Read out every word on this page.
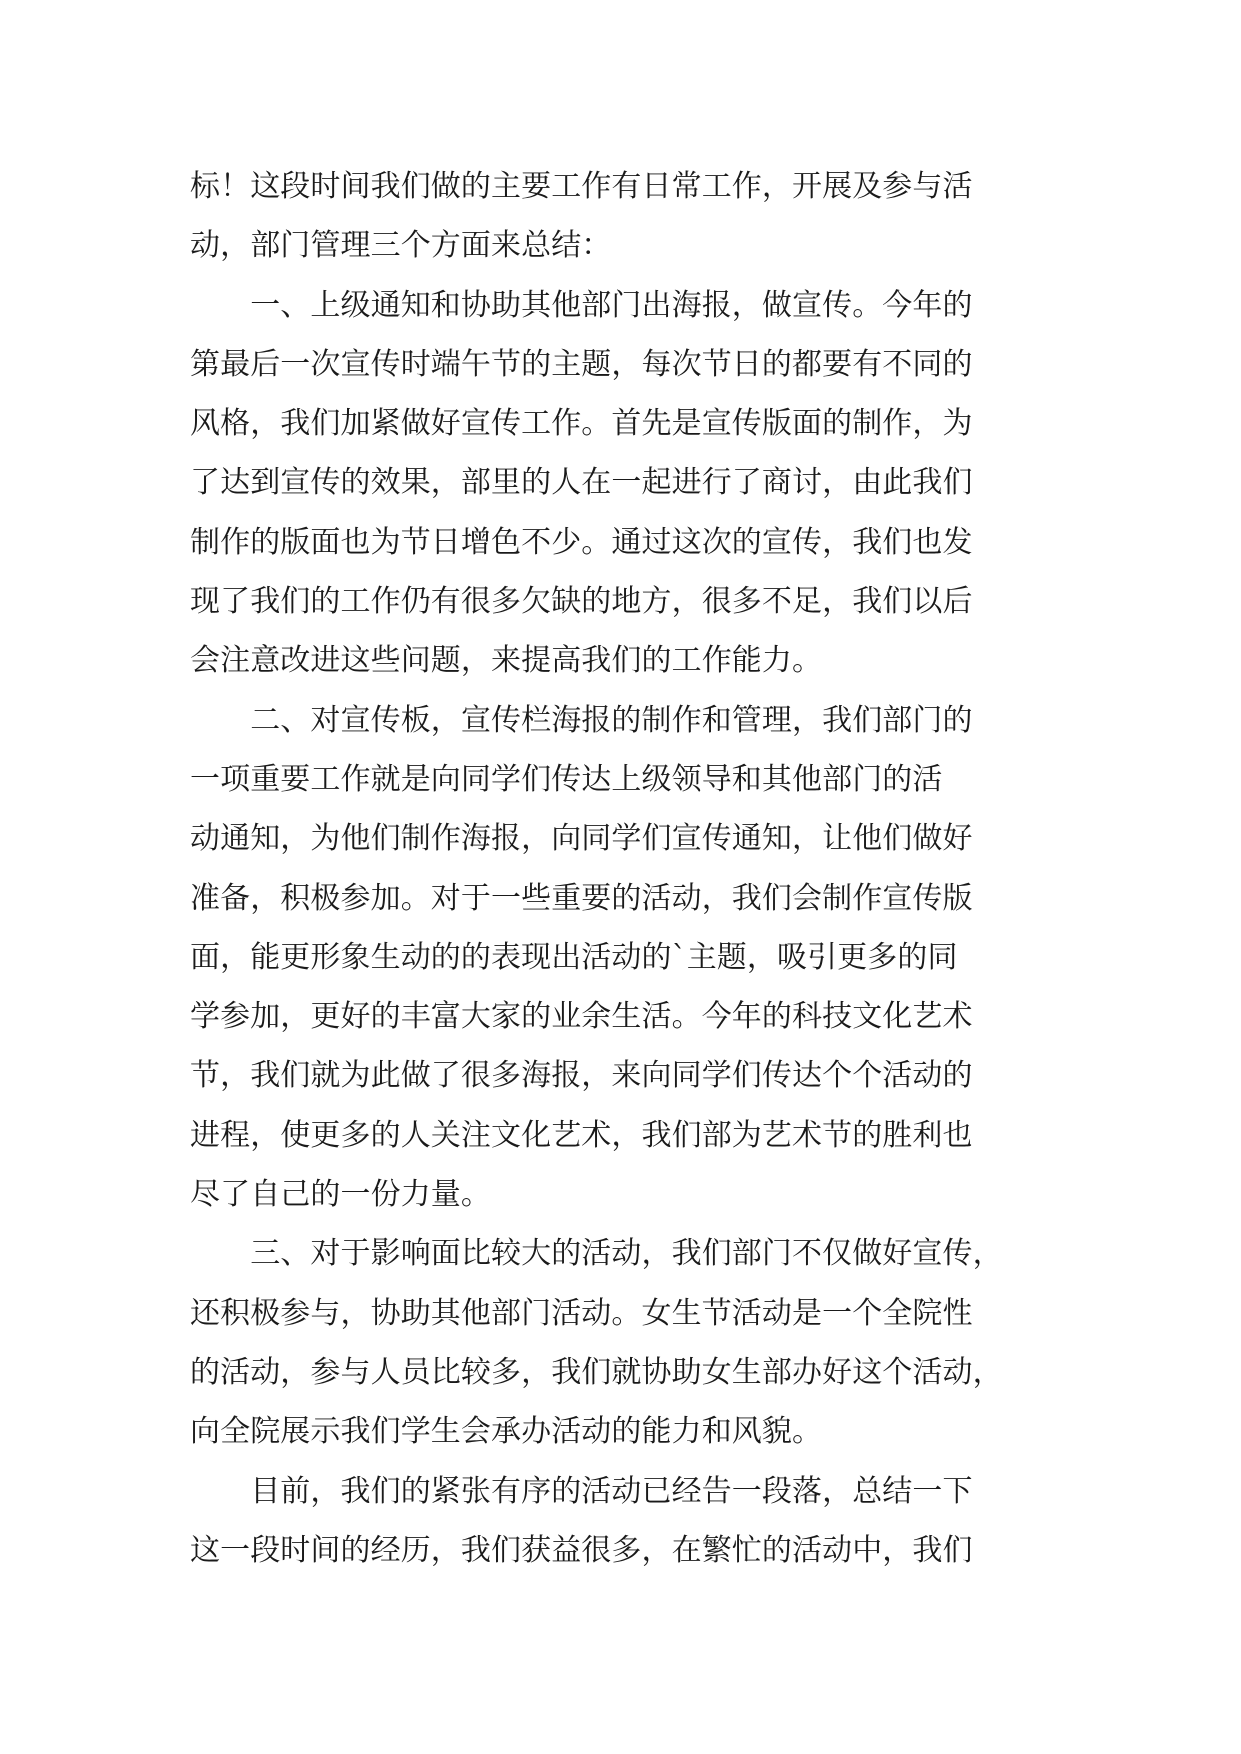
标！这段时间我们做的主要工作有日常工作，开展及参与活
动，部门管理三个方面来总结：
　　一、上级通知和协助其他部门出海报，做宣传。今年的
第最后一次宣传时端午节的主题，每次节日的都要有不同的
风格，我们加紧做好宣传工作。首先是宣传版面的制作，为
了达到宣传的效果，部里的人在一起进行了商讨，由此我们
制作的版面也为节日增色不少。通过这次的宣传，我们也发
现了我们的工作仍有很多欠缺的地方，很多不足，我们以后
会注意改进这些问题，来提高我们的工作能力。
　　二、对宣传板，宣传栏海报的制作和管理，我们部门的
一项重要工作就是向同学们传达上级领导和其他部门的活
动通知，为他们制作海报，向同学们宣传通知，让他们做好
准备，积极参加。对于一些重要的活动，我们会制作宣传版
面，能更形象生动的的表现出活动的`主题，吸引更多的同
学参加，更好的丰富大家的业余生活。今年的科技文化艺术
节，我们就为此做了很多海报，来向同学们传达个个活动的
进程，使更多的人关注文化艺术，我们部为艺术节的胜利也
尽了自己的一份力量。
　　三、对于影响面比较大的活动，我们部门不仅做好宣传，
还积极参与，协助其他部门活动。女生节活动是一个全院性
的活动，参与人员比较多，我们就协助女生部办好这个活动，
向全院展示我们学生会承办活动的能力和风貌。
　　目前，我们的紧张有序的活动已经告一段落，总结一下
这一段时间的经历，我们获益很多，在繁忙的活动中，我们
